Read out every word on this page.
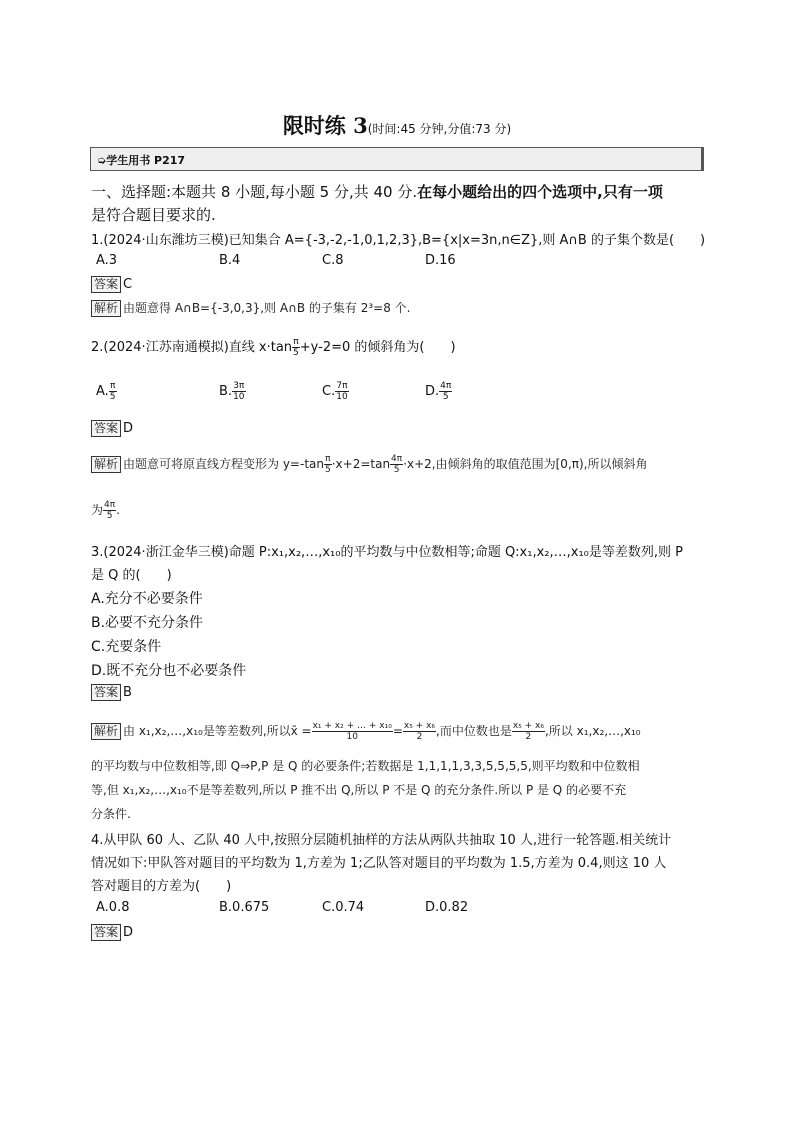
限时练 3(时间:45 分钟,分值:73 分)
➭学生用书 P217
一、选择题:本题共 8 小题,每小题 5 分,共 40 分.在每小题给出的四个选项中,只有一项
是符合题目要求的.
1.(2024·山东潍坊三模)已知集合 A={-3,-2,-1,0,1,2,3},B={x|x=3n,n∈Z},则 A∩B 的子集个数是(　　)
A.3	B.4	C.8	D.16
答案 C
解析 由题意得 A∩B={-3,0,3},则 A∩B 的子集有 2³=8 个.
2.(2024·江苏南通模拟)直线 $x\cdot\tan \frac{\pi}{5} +y-2=0$ 的倾斜角为(　　)
A. $\frac{\pi}{5}$	B. $\frac{3\pi}{10}$	C. $\frac{7\pi}{10}$	D. $\frac{4\pi}{5}$
答案 D
解析 由题意可将原直线方程变形为 $y=-\tan \frac{\pi}{5} \cdot x+2=\tan \frac{4\pi}{5} \cdot x+2$,由倾斜角的取值范围为[0,π),所以倾斜角
为 $\frac{4\pi}{5}$ .
3.(2024·浙江金华三模)命题 P:x₁,x₂,…,x₁₀的平均数与中位数相等;命题 Q:x₁,x₂,…,x₁₀是等差数列,则 P
是 Q 的(　　)
A.充分不必要条件
B.必要不充分条件
C.充要条件
D.既不充分也不必要条件
答案 B
解析 由 x₁,x₂,…,x₁₀是等差数列,所以x̄ = $\frac{\text{x₁ + x₂ + … + x₁₀}}{10} = \frac{\text{x₅ + x₆}}{2}$ ,而中位数也是 $\frac{\text{x₅ + x₆}}{2}$ ,所以 x₁,x₂,…,x₁₀
的平均数与中位数相等,即 Q⇒P,P 是 Q 的必要条件;若数据是 1,1,1,1,3,3,5,5,5,5,则平均数和中位数相
等,但 x₁,x₂,…,x₁₀不是等差数列,所以 P 推不出 Q,所以 P 不是 Q 的充分条件.所以 P 是 Q 的必要不充
分条件.
4.从甲队 60 人、乙队 40 人中,按照分层随机抽样的方法从两队共抽取 10 人,进行一轮答题.相关统计
情况如下:甲队答对题目的平均数为 1,方差为 1;乙队答对题目的平均数为 1.5,方差为 0.4,则这 10 人
答对题目的方差为(　　)
A.0.8	B.0.675	C.0.74	D.0.82
答案 D
